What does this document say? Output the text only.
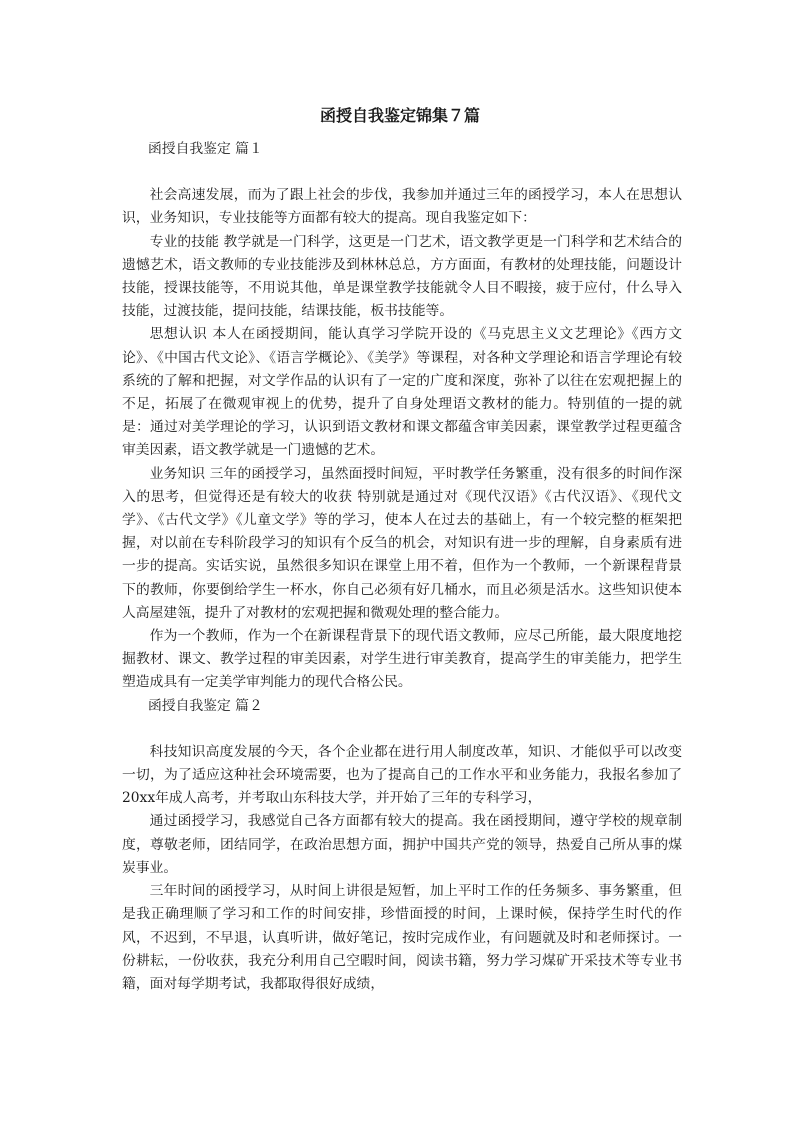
函授自我鉴定锦集７篇

函授自我鉴定 篇１

社会高速发展，而为了跟上社会的步伐，我参加并通过三年的函授学习，本人在思想认识，业务知识，专业技能等方面都有较大的提高。现自我鉴定如下：

专业的技能 教学就是一门科学，这更是一门艺术，语文教学更是一门科学和艺术结合的遗憾艺术，语文教师的专业技能涉及到林林总总，方方面面，有教材的处理技能，问题设计技能，授课技能等，不用说其他，单是课堂教学技能就令人目不暇接，疲于应付，什么导入技能，过渡技能，提问技能，结课技能，板书技能等。

思想认识 本人在函授期间，能认真学习学院开设的《马克思主义文艺理论》《西方文论》、《中国古代文论》、《语言学概论》、《美学》等课程，对各种文学理论和语言学理论有较系统的了解和把握，对文学作品的认识有了一定的广度和深度，弥补了以往在宏观把握上的不足，拓展了在微观审视上的优势，提升了自身处理语文教材的能力。特别值的一提的就是：通过对美学理论的学习，认识到语文教材和课文都蕴含审美因素，课堂教学过程更蕴含审美因素，语文教学就是一门遗憾的艺术。

业务知识 三年的函授学习，虽然面授时间短，平时教学任务繁重，没有很多的时间作深入的思考，但觉得还是有较大的收获 特别就是通过对《现代汉语》《古代汉语》、《现代文学》、《古代文学》《儿童文学》等的学习，使本人在过去的基础上，有一个较完整的框架把握，对以前在专科阶段学习的知识有个反刍的机会，对知识有进一步的理解，自身素质有进一步的提高。实话实说，虽然很多知识在课堂上用不着，但作为一个教师，一个新课程背景下的教师，你要倒给学生一杯水，你自己必须有好几桶水，而且必须是活水。这些知识使本人高屋建瓴，提升了对教材的宏观把握和微观处理的整合能力。

作为一个教师，作为一个在新课程背景下的现代语文教师，应尽己所能，最大限度地挖掘教材、课文、教学过程的审美因素，对学生进行审美教育，提高学生的审美能力，把学生塑造成具有一定美学审判能力的现代合格公民。

函授自我鉴定 篇２

科技知识高度发展的今天，各个企业都在进行用人制度改革，知识、才能似乎可以改变一切，为了适应这种社会环境需要，也为了提高自己的工作水平和业务能力，我报名参加了20xx年成人高考，并考取山东科技大学，并开始了三年的专科学习，

通过函授学习，我感觉自己各方面都有较大的提高。我在函授期间，遵守学校的规章制度，尊敬老师，团结同学，在政治思想方面，拥护中国共产党的领导，热爱自己所从事的煤炭事业。

三年时间的函授学习，从时间上讲很是短暂，加上平时工作的任务频多、事务繁重，但是我正确理顺了学习和工作的时间安排，珍惜面授的时间，上课时候，保持学生时代的作风，不迟到，不早退，认真听讲，做好笔记，按时完成作业，有问题就及时和老师探讨。一份耕耘，一份收获，我充分利用自己空暇时间，阅读书籍，努力学习煤矿开采技术等专业书籍，面对每学期考试，我都取得很好成绩，
